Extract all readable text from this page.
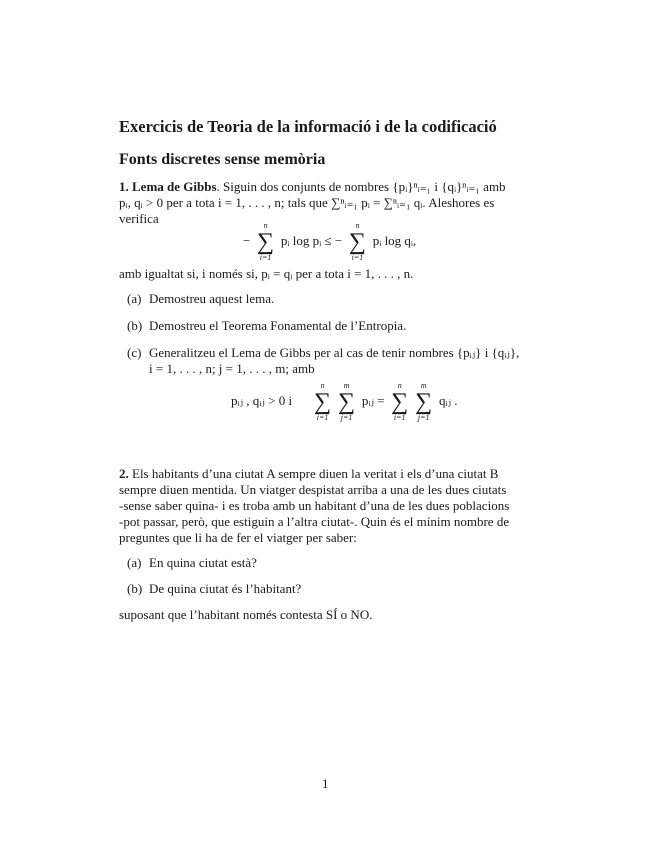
Exercicis de Teoria de la informació i de la codificació
Fonts discretes sense memòria
1. Lema de Gibbs. Siguin dos conjunts de nombres {pᵢ}ⁿᵢ₌₁ i {qᵢ}ⁿᵢ₌₁ amb
pᵢ, qᵢ > 0 per a tota i = 1, . . . , n; tals que ∑ⁿᵢ₌₁ pᵢ = ∑ⁿᵢ₌₁ qᵢ. Aleshores es
verifica
−
n
∑
i=1
pᵢ log pᵢ ≤ −
n
∑
i=1
pᵢ log qᵢ,
amb igualtat si, i només si, pᵢ = qᵢ per a tota i = 1, . . . , n.
(a) Demostreu aquest lema.
(b) Demostreu el Teorema Fonamental de l’Entropia.
(c) Generalitzeu el Lema de Gibbs per al cas de tenir nombres {pᵢⱼ} i {qᵢⱼ},
i = 1, . . . , n; j = 1, . . . , m; amb
pᵢⱼ , qᵢⱼ > 0 i
n
∑
i=1
m
∑
j=1
pᵢⱼ =
n
∑
i=1
m
∑
j=1
qᵢⱼ .
2. Els habitants d’una ciutat A sempre diuen la veritat i els d’una ciutat B
sempre diuen mentida. Un viatger despistat arriba a una de les dues ciutats
-sense saber quina- i es troba amb un habitant d’una de les dues poblacions
-pot passar, però, que estiguin a l’altra ciutat-. Quin és el mínim nombre de
preguntes que li ha de fer el viatger per saber:
(a) En quina ciutat està?
(b) De quina ciutat és l’habitant?
suposant que l’habitant només contesta SÍ o NO.
1
